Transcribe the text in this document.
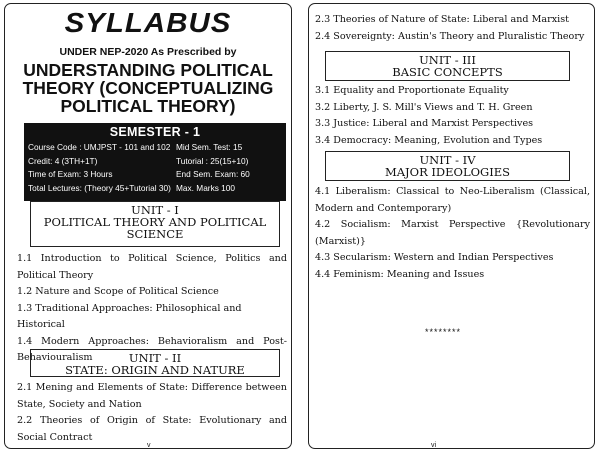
SYLLABUS
UNDER NEP-2020 As Prescribed by
UNDERSTANDING POLITICAL
THEORY (CONCEPTUALIZING
POLITICAL THEORY)
SEMESTER - 1
Course Code : UMJPST - 101 and 102 Mid Sem. Test: 15
Credit: 4 (3TH+1T)	Tutorial : 25(15+10)
Time of Exam: 3 Hours	End Sem. Exam: 60
Total Lectures: (Theory 45+Tutorial 30) Max. Marks 100
UNIT - I
POLITICAL THEORY AND POLITICAL
SCIENCE
1.1 Introduction to Political Science, Politics and Political Theory
1.2 Nature and Scope of Political Science
1.3 Traditional Approaches: Philosophical and Historical
1.4 Modern Approaches: Behavioralism and Post-Behaviouralism	UNIT - II
STATE: ORIGIN AND NATURE
2.1 Mening and Elements of State: Difference between State, Society and Nation
2.2 Theories of Origin of State: Evolutionary and Social Contract
v
2.3 Theories of Nature of State: Liberal and Marxist
2.4 Sovereignty: Austin's Theory and Pluralistic Theory
UNIT - III
BASIC CONCEPTS
3.1 Equality and Proportionate Equality
3.2 Liberty, J. S. Mill's Views and T. H. Green
3.3 Justice: Liberal and Marxist Perspectives
3.4 Democracy: Meaning, Evolution and Types
UNIT - IV
MAJOR IDEOLOGIES
4.1 Liberalism: Classical to Neo-Liberalism (Classical, Modern and Contemporary)
4.2 Socialism: Marxist Perspective {Revolutionary (Marxist)}
4.3 Secularism: Western and Indian Perspectives
4.4 Feminism: Meaning and Issues
********
vi
